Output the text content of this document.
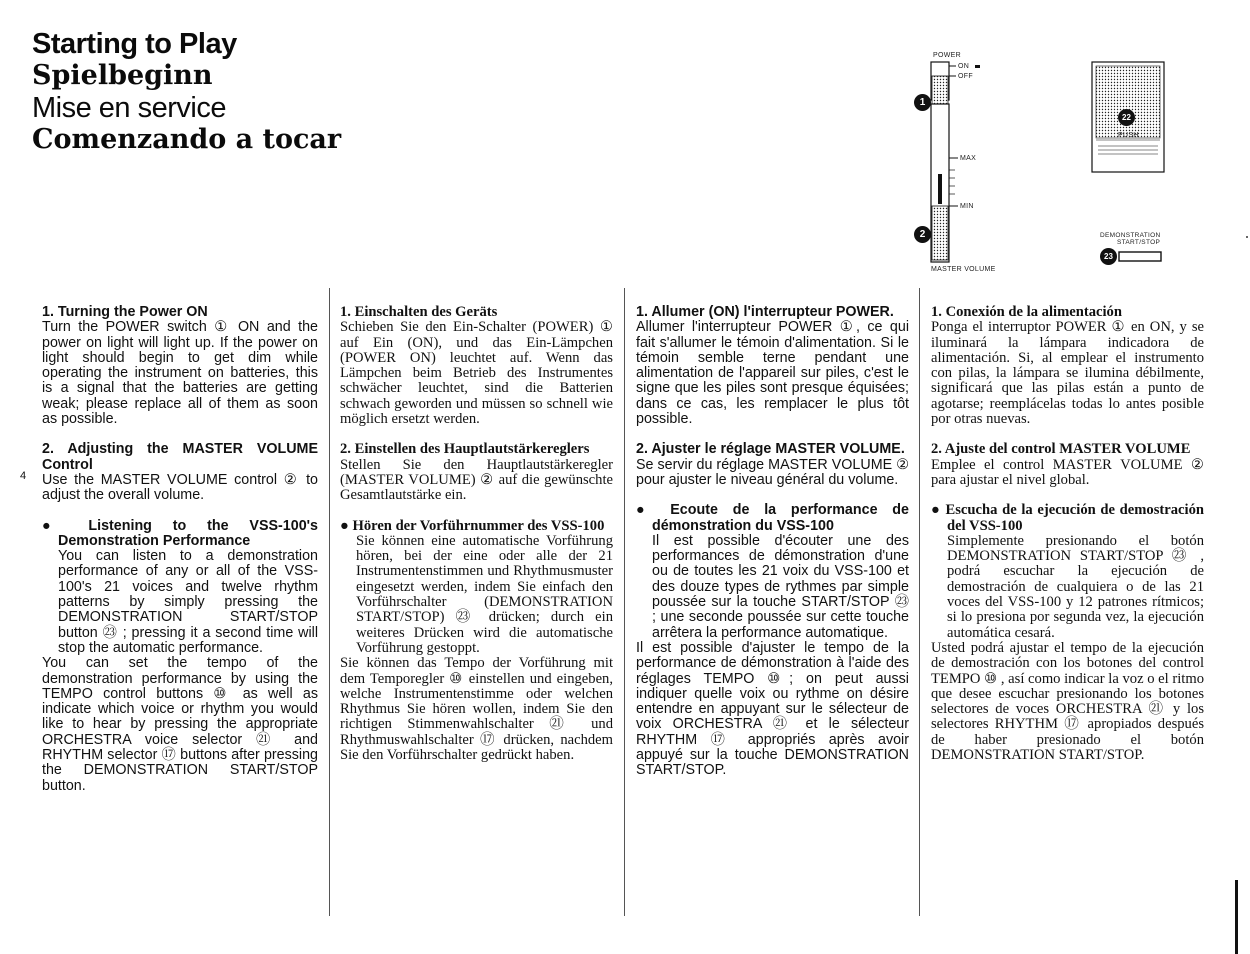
Starting to Play

Spielbeginn

Mise en service

Comenzando a tocar

POWER
ON
OFF
MAX
MIN
MASTER VOLUME
PUSH
DEMONSTRATION
START/STOP
1
2
22
23
4

1. Turning the Power ON

Turn the POWER switch ① ON and the power on light will light up. If the power on light should begin to get dim while operating the instrument on batteries, this is a signal that the batteries are getting weak; please replace all of them as soon as possible.

2. Adjusting the MASTER VOLUME Control

Use the MASTER VOLUME control ② to adjust the overall volume.

● Listening to the VSS-100's Demonstration Performance

You can listen to a demonstration performance of any or all of the VSS-100's 21 voices and twelve rhythm patterns by simply pressing the DEMONSTRATION START/STOP button ㉓ ; pressing it a second time will stop the automatic performance.

You can set the tempo of the demonstration performance by using the TEMPO control buttons ⑩ as well as indicate which voice or rhythm you would like to hear by pressing the appropriate ORCHESTRA voice selector ㉑ and RHYTHM selector ⑰ buttons after pressing the DEMONSTRATION START/STOP button.

1. Einschalten des Geräts

Schieben Sie den Ein-Schalter (POWER) ① auf Ein (ON), und das Ein-Lämpchen (POWER ON) leuchtet auf. Wenn das Lämpchen beim Betrieb des Instrumentes schwächer leuchtet, sind die Batterien schwach geworden und müssen so schnell wie möglich ersetzt werden.

2. Einstellen des Hauptlautstärkereglers

Stellen Sie den Hauptlautstärkeregler (MASTER VOLUME) ② auf die gewünschte Gesamtlautstärke ein.

● Hören der Vorführnummer des VSS-100

Sie können eine automatische Vorführung hören, bei der eine oder alle der 21 Instrumentenstimmen und Rhythmusmuster eingesetzt werden, indem Sie einfach den Vorführschalter (DEMONSTRATION START/STOP) ㉓ drücken; durch ein weiteres Drücken wird die automatische Vorführung gestoppt.

Sie können das Tempo der Vorführung mit dem Temporegler ⑩ einstellen und eingeben, welche Instrumentenstimme oder welchen Rhythmus Sie hören wollen, indem Sie den richtigen Stimmenwahlschalter ㉑ und Rhythmuswahlschalter ⑰ drücken, nachdem Sie den Vorführschalter gedrückt haben.

1. Allumer (ON) l'interrupteur POWER.

Allumer l'interrupteur POWER ①, ce qui fait s'allumer le témoin d'alimentation. Si le témoin semble terne pendant une alimentation de l'appareil sur piles, c'est le signe que les piles sont presque équisées; dans ce cas, les remplacer le plus tôt possible.

2. Ajuster le réglage MASTER VOLUME.

Se servir du réglage MASTER VOLUME ② pour ajuster le niveau général du volume.

● Ecoute de la performance de démonstration du VSS-100

Il est possible d'écouter une des performances de démonstration d'une ou de toutes les 21 voix du VSS-100 et des douze types de rythmes par simple poussée sur la touche START/STOP ㉓ ; une seconde poussée sur cette touche arrêtera la performance automatique.

Il est possible d'ajuster le tempo de la performance de démonstration à l'aide des réglages TEMPO ⑩; on peut aussi indiquer quelle voix ou rythme on désire entendre en appuyant sur le sélecteur de voix ORCHESTRA ㉑ et le sélecteur RHYTHM ⑰ appropriés après avoir appuyé sur la touche DEMONSTRATION START/STOP.

1. Conexión de la alimentación

Ponga el interruptor POWER ① en ON, y se iluminará la lámpara indicadora de alimentación. Si, al emplear el instrumento con pilas, la lámpara se ilumina débilmente, significará que las pilas están a punto de agotarse; reemplácelas todas lo antes posible por otras nuevas.

2. Ajuste del control MASTER VOLUME

Emplee el control MASTER VOLUME ② para ajustar el nivel global.

● Escucha de la ejecución de demostración del VSS-100

Simplemente presionando el botón DEMONSTRATION START/STOP ㉓ , podrá escuchar la ejecución de demostración de cualquiera o de las 21 voces del VSS-100 y 12 patrones rítmicos; si lo presiona por segunda vez, la ejecución automática cesará.

Usted podrá ajustar el tempo de la ejecución de demostración con los botones del control TEMPO ⑩ , así como indicar la voz o el ritmo que desee escuchar presionando los botones selectores de voces ORCHESTRA ㉑ y los selectores RHYTHM ⑰ apropiados después de haber presionado el botón DEMONSTRATION START/STOP.
